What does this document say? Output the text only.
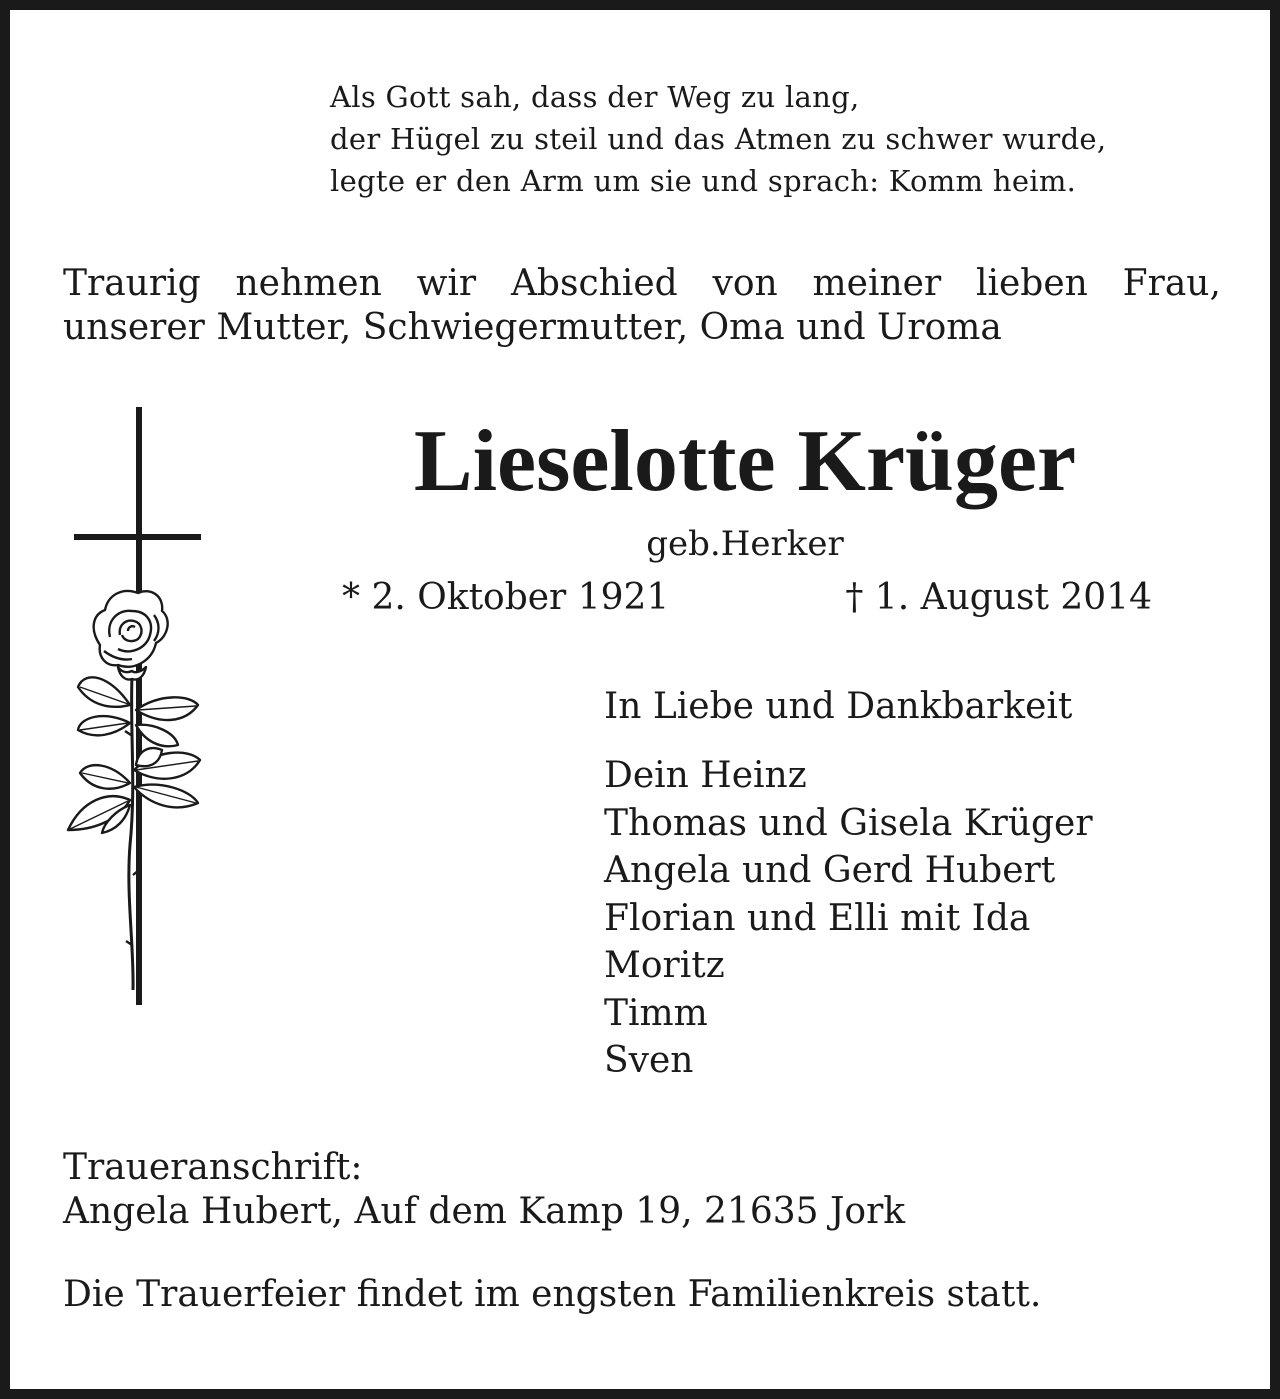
Als Gott sah, dass der Weg zu lang,
der Hügel zu steil und das Atmen zu schwer wurde,
legte er den Arm um sie und sprach: Komm heim.
Traurig nehmen wir Abschied von meiner lieben Frau,
unserer Mutter, Schwiegermutter, Oma und Uroma
Lieselotte Krüger
geb.Herker
* 2. Oktober 1921	† 1. August 2014
In Liebe und Dankbarkeit
Dein Heinz
Thomas und Gisela Krüger
Angela und Gerd Hubert
Florian und Elli mit Ida
Moritz
Timm
Sven
Traueranschrift:
Angela Hubert, Auf dem Kamp 19, 21635 Jork
Die Trauerfeier findet im engsten Familienkreis statt.
